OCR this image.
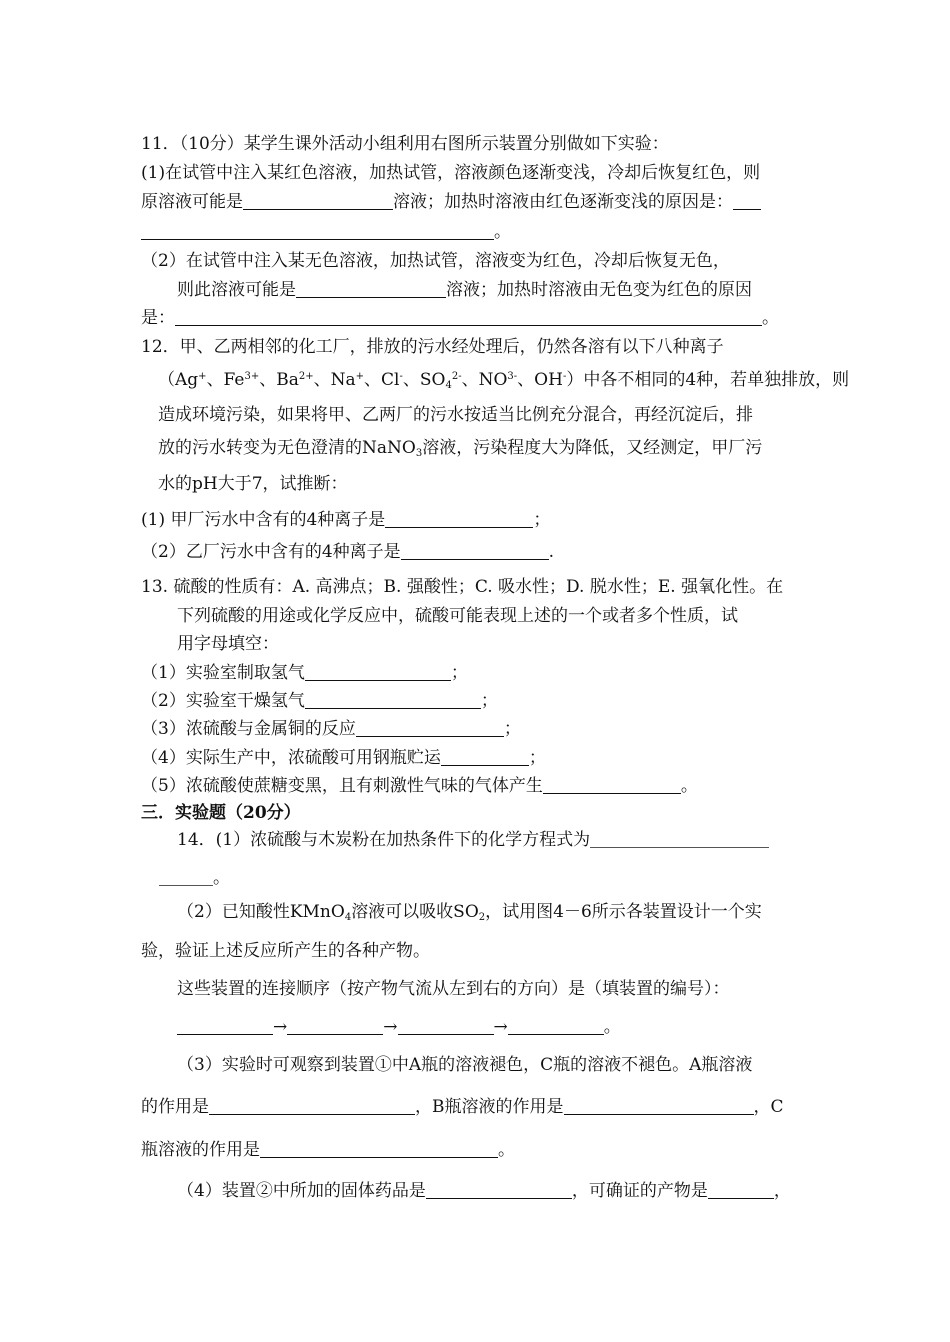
11．（10分）某学生课外活动小组利用右图所示装置分别做如下实验：
(1)在试管中注入某红色溶液，加热试管，溶液颜色逐渐变浅，冷却后恢复红色，则
原溶液可能是	溶液；加热时溶液由红色逐渐变浅的原因是：
。
（2）在试管中注入某无色溶液，加热试管，溶液变为红色，冷却后恢复无色，
则此溶液可能是	溶液；加热时溶液由无色变为红色的原因
是：	。
12．甲、乙两相邻的化工厂，排放的污水经处理后，仍然各溶有以下八种离子
（Ag+、$Fe^{3+}$、$Ba^{2+}$、Na+、Cl-、$SO_4^{2-}$、$NO^{3-}$、OH-）中各不相同的4种，若单独排放，则
造成环境污染，如果将甲、乙两厂的污水按适当比例充分混合，再经沉淀后，排
放的污水转变为无色澄清的NaNO$_3$溶液，污染程度大为降低，又经测定，甲厂污
水的pH大于7，试推断：
(1) 甲厂污水中含有的4种离子是	；
（2）乙厂污水中含有的4种离子是	.
13. 硫酸的性质有：A. 高沸点；B. 强酸性；C. 吸水性；D. 脱水性；E. 强氧化性。在
下列硫酸的用途或化学反应中，硫酸可能表现上述的一个或者多个性质，试
用字母填空：
（1）实验室制取氢气	；
（2）实验室干燥氢气	；
（3）浓硫酸与金属铜的反应	；
（4）实际生产中，浓硫酸可用钢瓶贮运	；
（5）浓硫酸使蔗糖变黑，且有刺激性气味的气体产生	。
三．实验题（20分）
14．(1）浓硫酸与木炭粉在加热条件下的化学方程式为
。
（2）已知酸性KMnO$_4$溶液可以吸收$SO_2$，试用图4－6所示各装置设计一个实
验，验证上述反应所产生的各种产物。
这些装置的连接顺序（按产物气流从左到右的方向）是（填装置的编号）：
→	→	→	。
（3）实验时可观察到装置①中A瓶的溶液褪色，C瓶的溶液不褪色。A瓶溶液
的作用是	，B瓶溶液的作用是	，C
瓶溶液的作用是	。
（4）装置②中所加的固体药品是	，可确证的产物是	，
